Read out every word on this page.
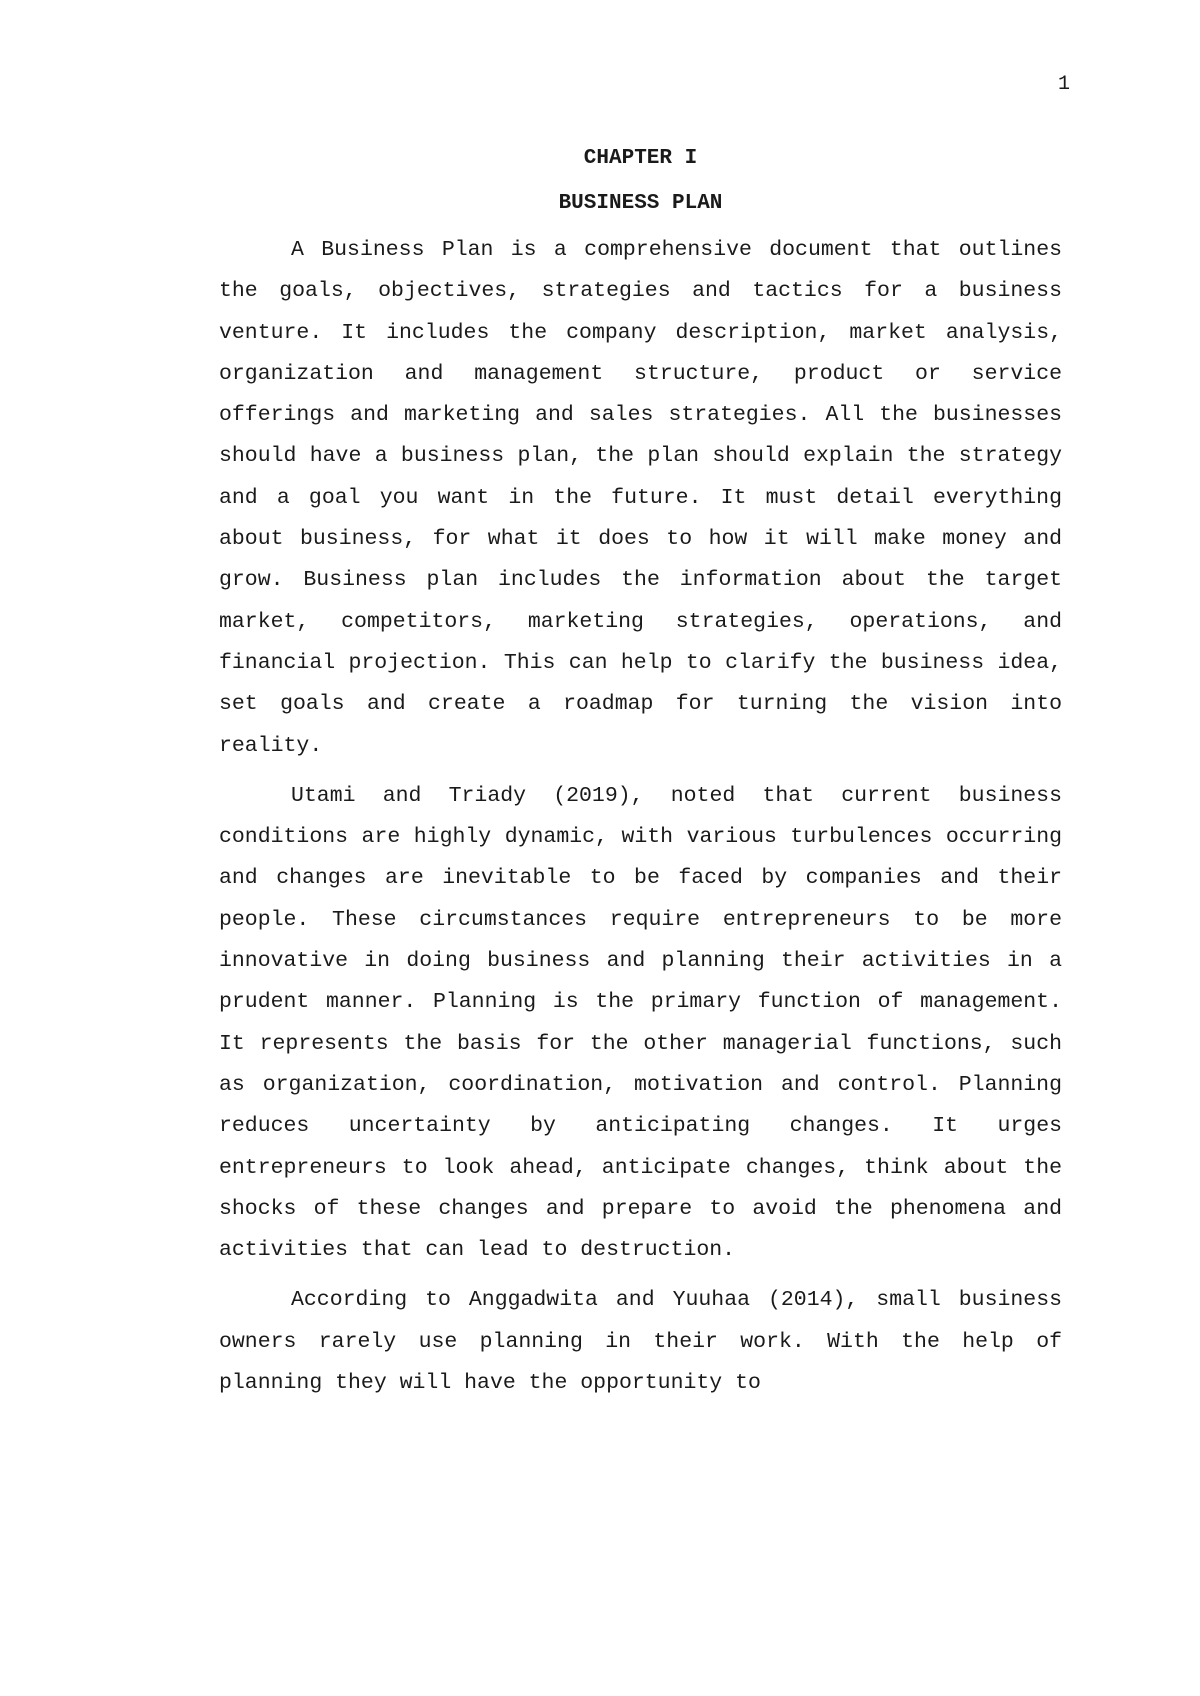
1
CHAPTER I
BUSINESS PLAN

A Business Plan is a comprehensive document that outlines the goals, objectives, strategies and tactics for a business venture. It includes the company description, market analysis, organization and management structure, product or service offerings and marketing and sales strategies. All the businesses should have a business plan, the plan should explain the strategy and a goal you want in the future. It must detail everything about business, for what it does to how it will make money and grow. Business plan includes the information about the target market, competitors, marketing strategies, operations, and financial projection. This can help to clarify the business idea, set goals and create a roadmap for turning the vision into reality.

Utami and Triady (2019), noted that current business conditions are highly dynamic, with various turbulences occurring and changes are inevitable to be faced by companies and their people. These circumstances require entrepreneurs to be more innovative in doing business and planning their activities in a prudent manner. Planning is the primary function of management. It represents the basis for the other managerial functions, such as organization, coordination, motivation and control. Planning reduces uncertainty by anticipating changes. It urges entrepreneurs to look ahead, anticipate changes, think about the shocks of these changes and prepare to avoid the phenomena and activities that can lead to destruction.

According to Anggadwita and Yuuhaa (2014), small business owners rarely use planning in their work. With the help of planning they will have the opportunity to
